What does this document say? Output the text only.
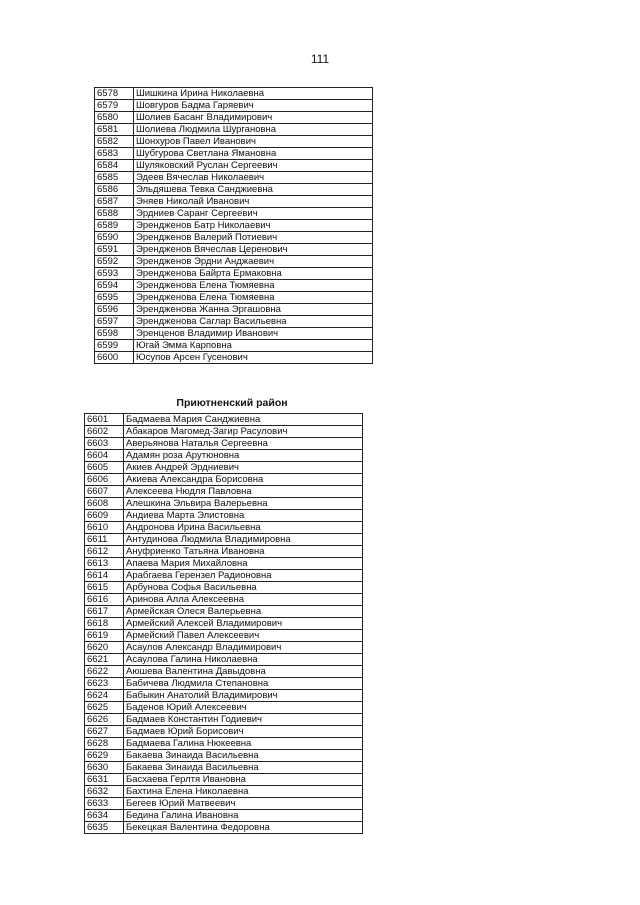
111
6578	Шишкина Ирина Николаевна
6579	Шовгуров Бадма Гаряевич
6580	Шолиев Басанг Владимирович
6581	Шолиева Людмила Шургановна
6582	Шонхуров Павел Иванович
6583	Шубгурова Светлана Ямановна
6584	Шуляковский Руслан Сергеевич
6585	Эдеев Вячеслав Николаевич
6586	Эльдяшева Тевка Санджиевна
6587	Эняев Николай Иванович
6588	Эрдниев Саранг Сергеевич
6589	Эрендженов Батр Николаевич
6590	Эрендженов Валерий Потиевич
6591	Эрендженов Вячеслав Церенович
6592	Эрендженов Эрдни Анджаевич
6593	Эрендженова Байрта Ермаковна
6594	Эрендженова Елена Тюмяевна
6595	Эрендженова Елена Тюмяевна
6596	Эрендженова Жанна Эргашовна
6597	Эрендженова Саглар Васильевна
6598	Эренценов Владимир Иванович
6599	Югай Эмма Карповна
6600	Юсупов Арсен Гусенович
Приютненский район
6601	Бадмаева Мария Санджиевна
6602	Абакаров Магомед-Загир Расулович
6603	Аверьянова Наталья Сергеевна
6604	Адамян роза Арутюновна
6605	Акиев Андрей Эрдниевич
6606	Акиева Александра Борисовна
6607	Алексеева Нюдля Павловна
6608	Алешкина Эльвира Валерьевна
6609	Андиева Марта Элистовна
6610	Андронова Ирина Васильевна
6611	Антудинова Людмила Владимировна
6612	Ануфриенко Татьяна Ивановна
6613	Апаева Мария Михайловна
6614	Арабгаева Герензел Радионовна
6615	Арбунова Софья Васильевна
6616	Аринова Алла Алексеевна
6617	Армейская Олеся Валерьевна
6618	Армейский Алексей Владимирович
6619	Армейский Павел Алексеевич
6620	Асаулов Александр Владимирович
6621	Асаулова Галина Николаевна
6622	Аюшева Валентина Давыдовна
6623	Бабичева Людмила Степановна
6624	Бабыкин Анатолий Владимирович
6625	Баденов Юрий Алексеевич
6626	Бадмаев Константин Годиевич
6627	Бадмаев Юрий Борисович
6628	Бадмаева Галина Нюкеевна
6629	Бакаева Зинаида Васильевна
6630	Бакаева Зинаида Васильевна
6631	Басхаева Герлтя Ивановна
6632	Бахтина Елена Николаевна
6633	Бегеев Юрий Матвеевич
6634	Бедина Галина Ивановна
6635	Бекецкая Валентина Федоровна
